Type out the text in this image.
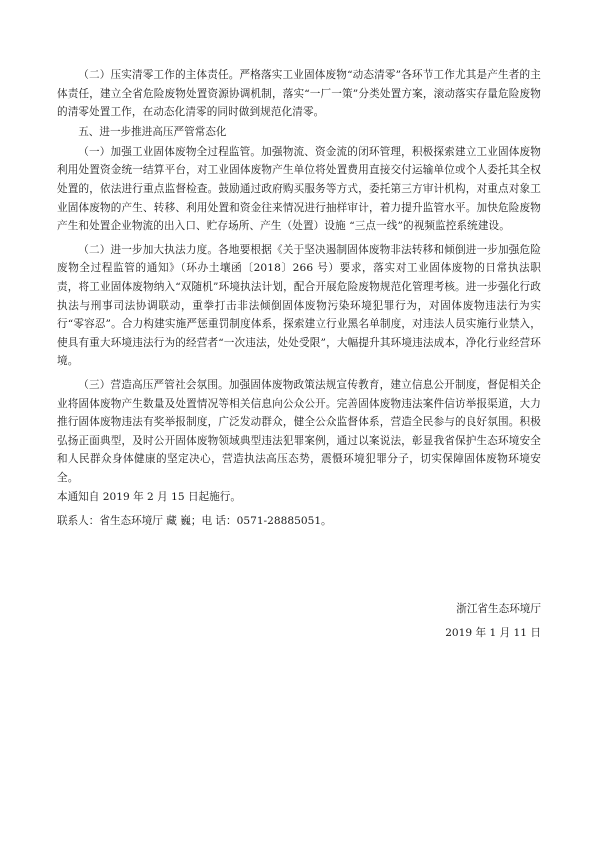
（二）压实清零工作的主体责任。严格落实工业固体废物“动态清零”各环节工作尤其是产生者的主体责任，建立全省危险废物处置资源协调机制，落实“一厂一策”分类处置方案，滚动落实存量危险废物的清零处置工作，在动态化清零的同时做到规范化清零。

五、进一步推进高压严管常态化

（一）加强工业固体废物全过程监管。加强物流、资金流的闭环管理，积极探索建立工业固体废物利用处置资金统一结算平台，对工业固体废物产生单位将处置费用直接交付运输单位或个人委托其全权处置的，依法进行重点监督检查。鼓励通过政府购买服务等方式，委托第三方审计机构，对重点对象工业固体废物的产生、转移、利用处置和资金往来情况进行抽样审计，着力提升监管水平。加快危险废物产生和处置企业物流的出入口、贮存场所、产生（处置）设施 “三点一线”的视频监控系统建设。

（二）进一步加大执法力度。各地要根据《关于坚决遏制固体废物非法转移和倾倒进一步加强危险废物全过程监管的通知》（环办土壤函〔2018〕266 号）要求，落实对工业固体废物的日常执法职责，将工业固体废物纳入“双随机”环境执法计划，配合开展危险废物规范化管理考核。进一步强化行政执法与刑事司法协调联动，重拳打击非法倾倒固体废物污染环境犯罪行为，对固体废物违法行为实行“零容忍”。合力构建实施严惩重罚制度体系，探索建立行业黑名单制度，对违法人员实施行业禁入，使具有重大环境违法行为的经营者“一次违法，处处受限”，大幅提升其环境违法成本，净化行业经营环境。

（三）营造高压严管社会氛围。加强固体废物政策法规宣传教育，建立信息公开制度，督促相关企业将固体废物产生数量及处置情况等相关信息向公众公开。完善固体废物违法案件信访举报渠道，大力推行固体废物违法有奖举报制度，广泛发动群众，健全公众监督体系，营造全民参与的良好氛围。积极弘扬正面典型，及时公开固体废物领域典型违法犯罪案例，通过以案说法，彰显我省保护生态环境安全和人民群众身体健康的坚定决心，营造执法高压态势，震慑环境犯罪分子，切实保障固体废物环境安全。

本通知自 2019 年 2 月 15 日起施行。

联系人：省生态环境厅 藏 巍；电 话：0571-28885051。

浙江省生态环境厅

2019 年 1 月 11 日
